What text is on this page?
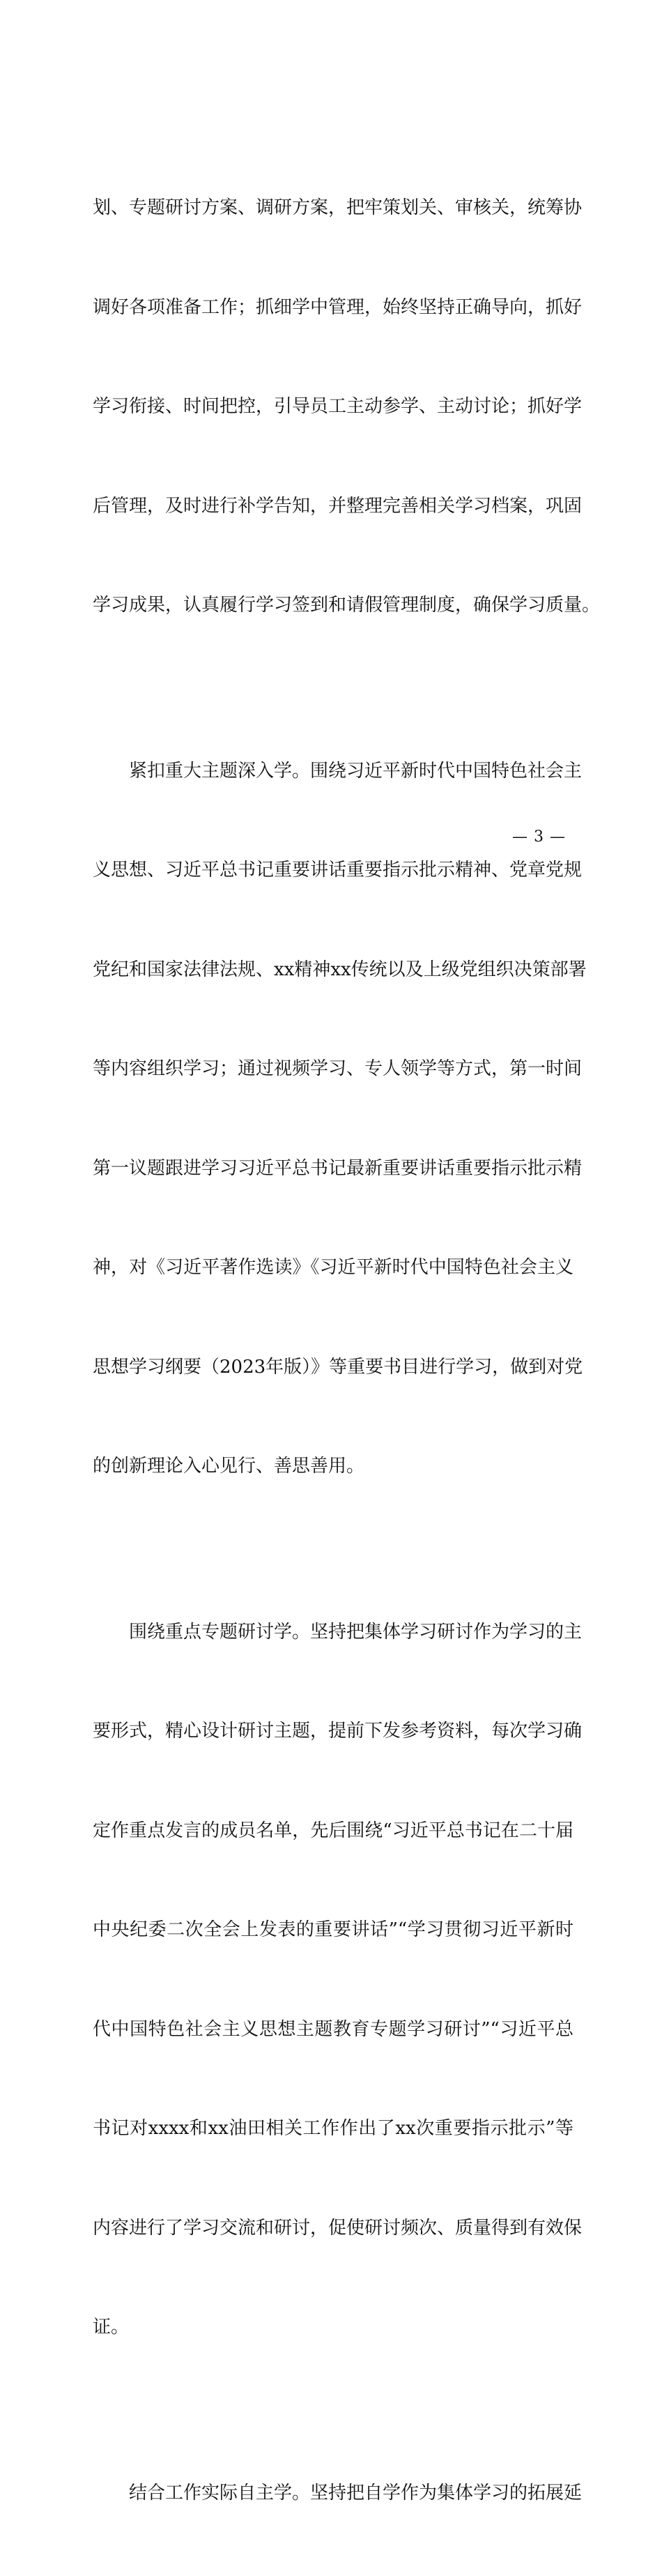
划、专题研讨方案、调研方案，把牢策划关、审核关，统筹协

调好各项准备工作；抓细学中管理，始终坚持正确导向，抓好

学习衔接、时间把控，引导员工主动参学、主动讨论；抓好学

后管理，及时进行补学告知，并整理完善相关学习档案，巩固

学习成果，认真履行学习签到和请假管理制度，确保学习质量。

　　紧扣重大主题深入学。围绕习近平新时代中国特色社会主

义思想、习近平总书记重要讲话重要指示批示精神、党章党规

党纪和国家法律法规、xx精神xx传统以及上级党组织决策部署

等内容组织学习；通过视频学习、专人领学等方式，第一时间

第一议题跟进学习习近平总书记最新重要讲话重要指示批示精

神，对《习近平著作选读》《习近平新时代中国特色社会主义

思想学习纲要（2023年版）》等重要书目进行学习，做到对党

的创新理论入心见行、善思善用。

　　围绕重点专题研讨学。坚持把集体学习研讨作为学习的主

要形式，精心设计研讨主题，提前下发参考资料，每次学习确

定作重点发言的成员名单，先后围绕“习近平总书记在二十届

中央纪委二次全会上发表的重要讲话”“学习贯彻习近平新时

代中国特色社会主义思想主题教育专题学习研讨”“习近平总

书记对xxxx和xx油田相关工作作出了xx次重要指示批示”等

内容进行了学习交流和研讨，促使研讨频次、质量得到有效保

证。

　　结合工作实际自主学。坚持把自学作为集体学习的拓展延

— 3 —
